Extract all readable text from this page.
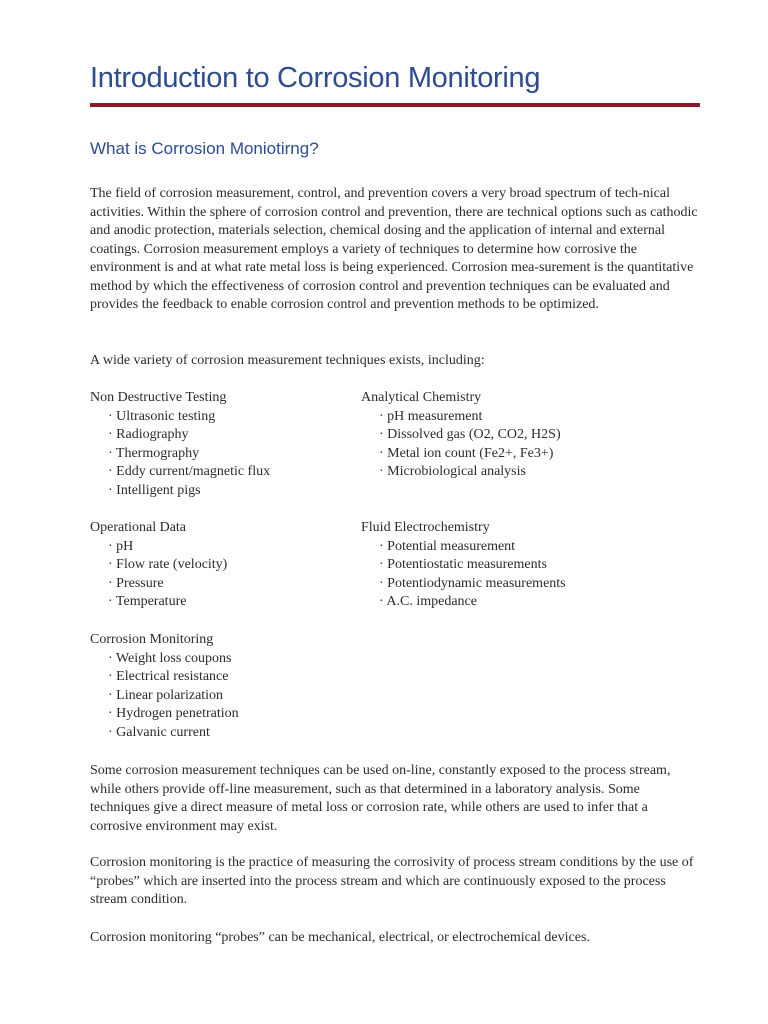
Introduction to Corrosion Monitoring
What is Corrosion Moniotirng?

The field of corrosion measurement, control, and prevention covers a very broad spectrum of tech-nical activities. Within the sphere of corrosion control and prevention, there are technical options such as cathodic and anodic protection, materials selection, chemical dosing and the application of internal and external coatings. Corrosion measurement employs a variety of techniques to determine how corrosive the environment is and at what rate metal loss is being experienced. Corrosion mea-surement is the quantitative method by which the effectiveness of corrosion control and prevention techniques can be evaluated and provides the feedback to enable corrosion control and prevention methods to be optimized.

A wide variety of corrosion measurement techniques exists, including:

Non Destructive Testing

· Ultrasonic testing
· Radiography
· Thermography
· Eddy current/magnetic flux
· Intelligent pigs

Analytical Chemistry

· pH measurement
· Dissolved gas (O2, CO2, H2S)
· Metal ion count (Fe2+, Fe3+)
· Microbiological analysis

Operational Data

· pH
· Flow rate (velocity)
· Pressure
· Temperature

Fluid Electrochemistry

· Potential measurement
· Potentiostatic measurements
· Potentiodynamic measurements
· A.C. impedance

Corrosion Monitoring

· Weight loss coupons
· Electrical resistance
· Linear polarization
· Hydrogen penetration
· Galvanic current

Some corrosion measurement techniques can be used on-line, constantly exposed to the process stream, while others provide off-line measurement, such as that determined in a laboratory analysis. Some techniques give a direct measure of metal loss or corrosion rate, while others are used to infer that a corrosive environment may exist.

Corrosion monitoring is the practice of measuring the corrosivity of process stream conditions by the use of “probes” which are inserted into the process stream and which are continuously exposed to the process stream condition.

Corrosion monitoring “probes” can be mechanical, electrical, or electrochemical devices.
